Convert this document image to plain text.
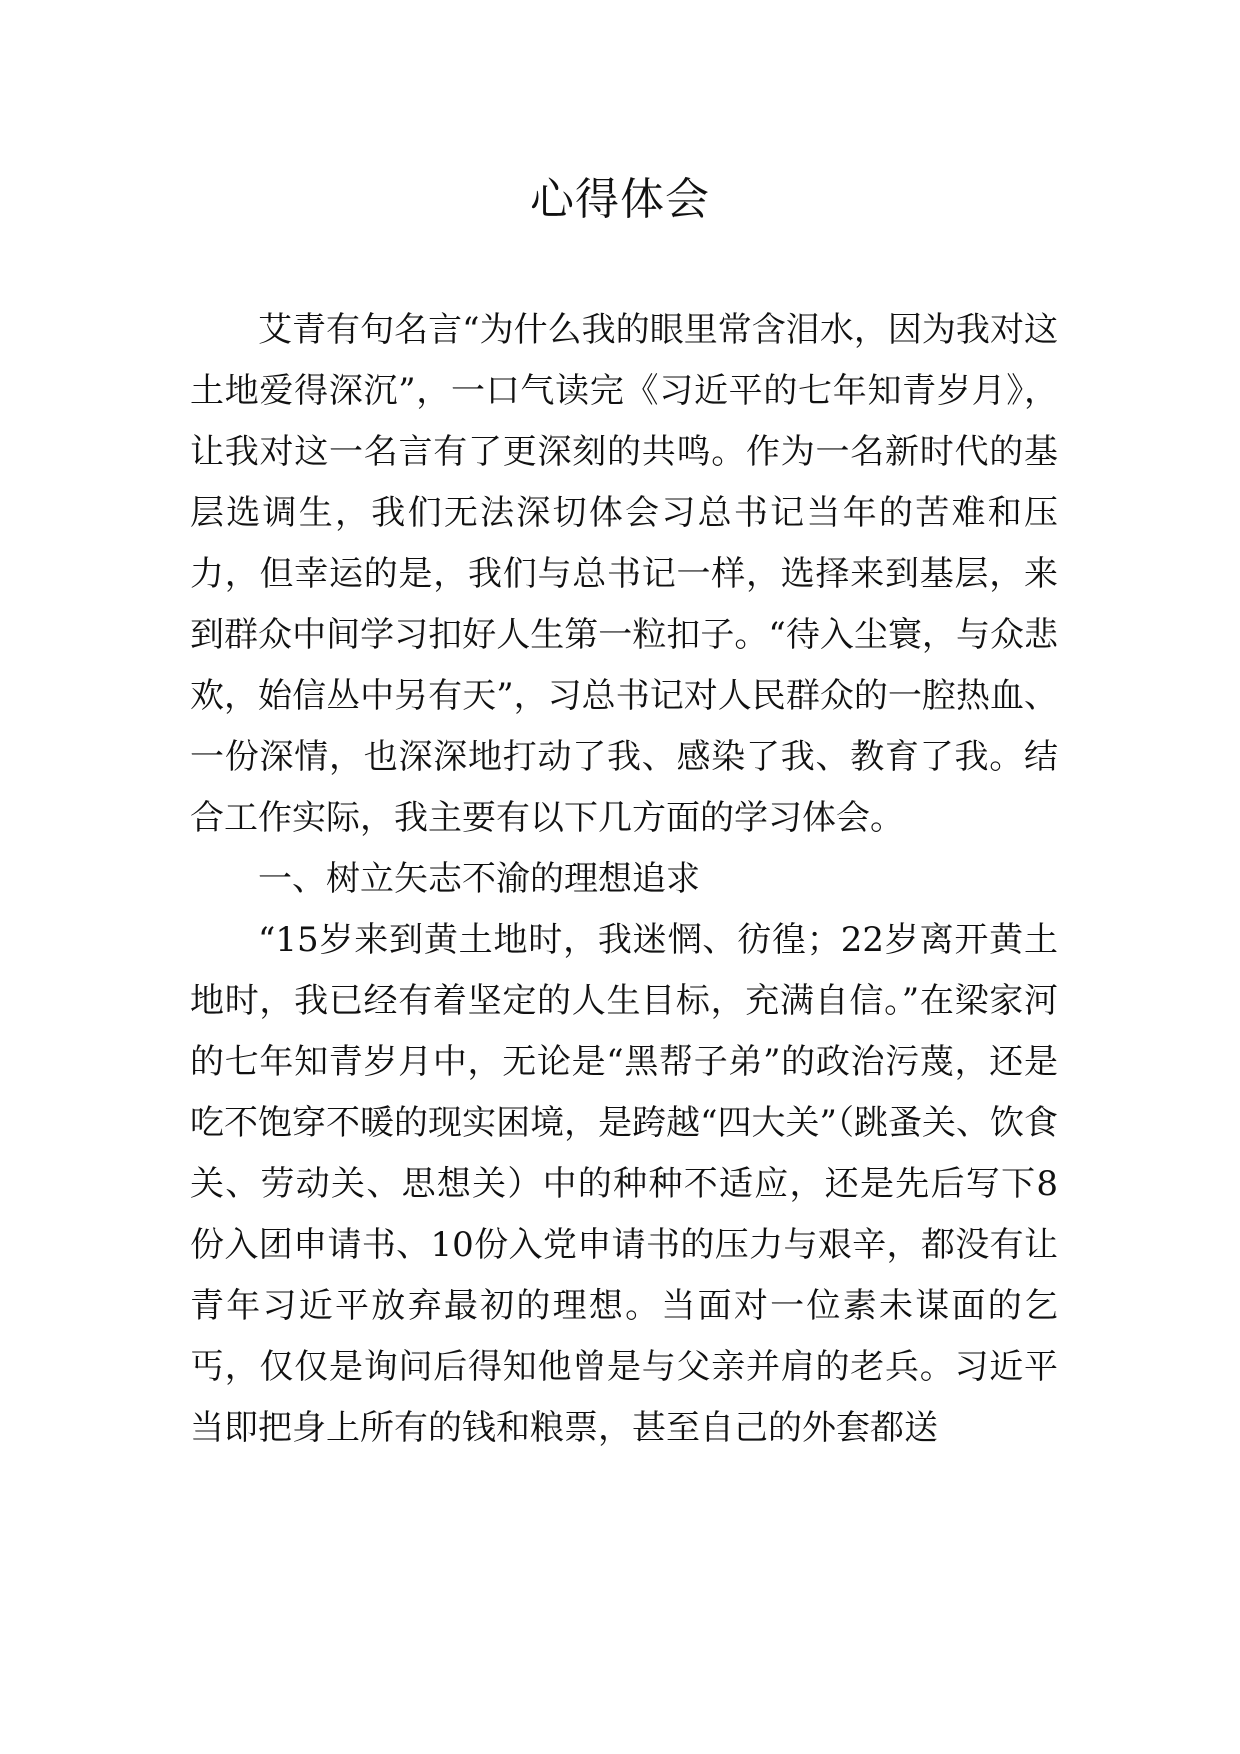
心得体会

艾青有句名言“为什么我的眼里常含泪水，因为我对这土地爱得深沉”，一口气读完《习近平的七年知青岁月》，让我对这一名言有了更深刻的共鸣。作为一名新时代的基层选调生，我们无法深切体会习总书记当年的苦难和压力，但幸运的是，我们与总书记一样，选择来到基层，来到群众中间学习扣好人生第一粒扣子。“待入尘寰，与众悲欢，始信丛中另有天”，习总书记对人民群众的一腔热血、一份深情，也深深地打动了我、感染了我、教育了我。结合工作实际，我主要有以下几方面的学习体会。

一、树立矢志不渝的理想追求

“15岁来到黄土地时，我迷惘、彷徨；22岁离开黄土地时，我已经有着坚定的人生目标，充满自信。”在梁家河的七年知青岁月中，无论是“黑帮子弟”的政治污蔑，还是吃不饱穿不暖的现实困境，是跨越“四大关”（跳蚤关、饮食关、劳动关、思想关）中的种种不适应，还是先后写下8份入团申请书、10份入党申请书的压力与艰辛，都没有让青年习近平放弃最初的理想。当面对一位素未谋面的乞丐，仅仅是询问后得知他曾是与父亲并肩的老兵。习近平当即把身上所有的钱和粮票，甚至自己的外套都送
